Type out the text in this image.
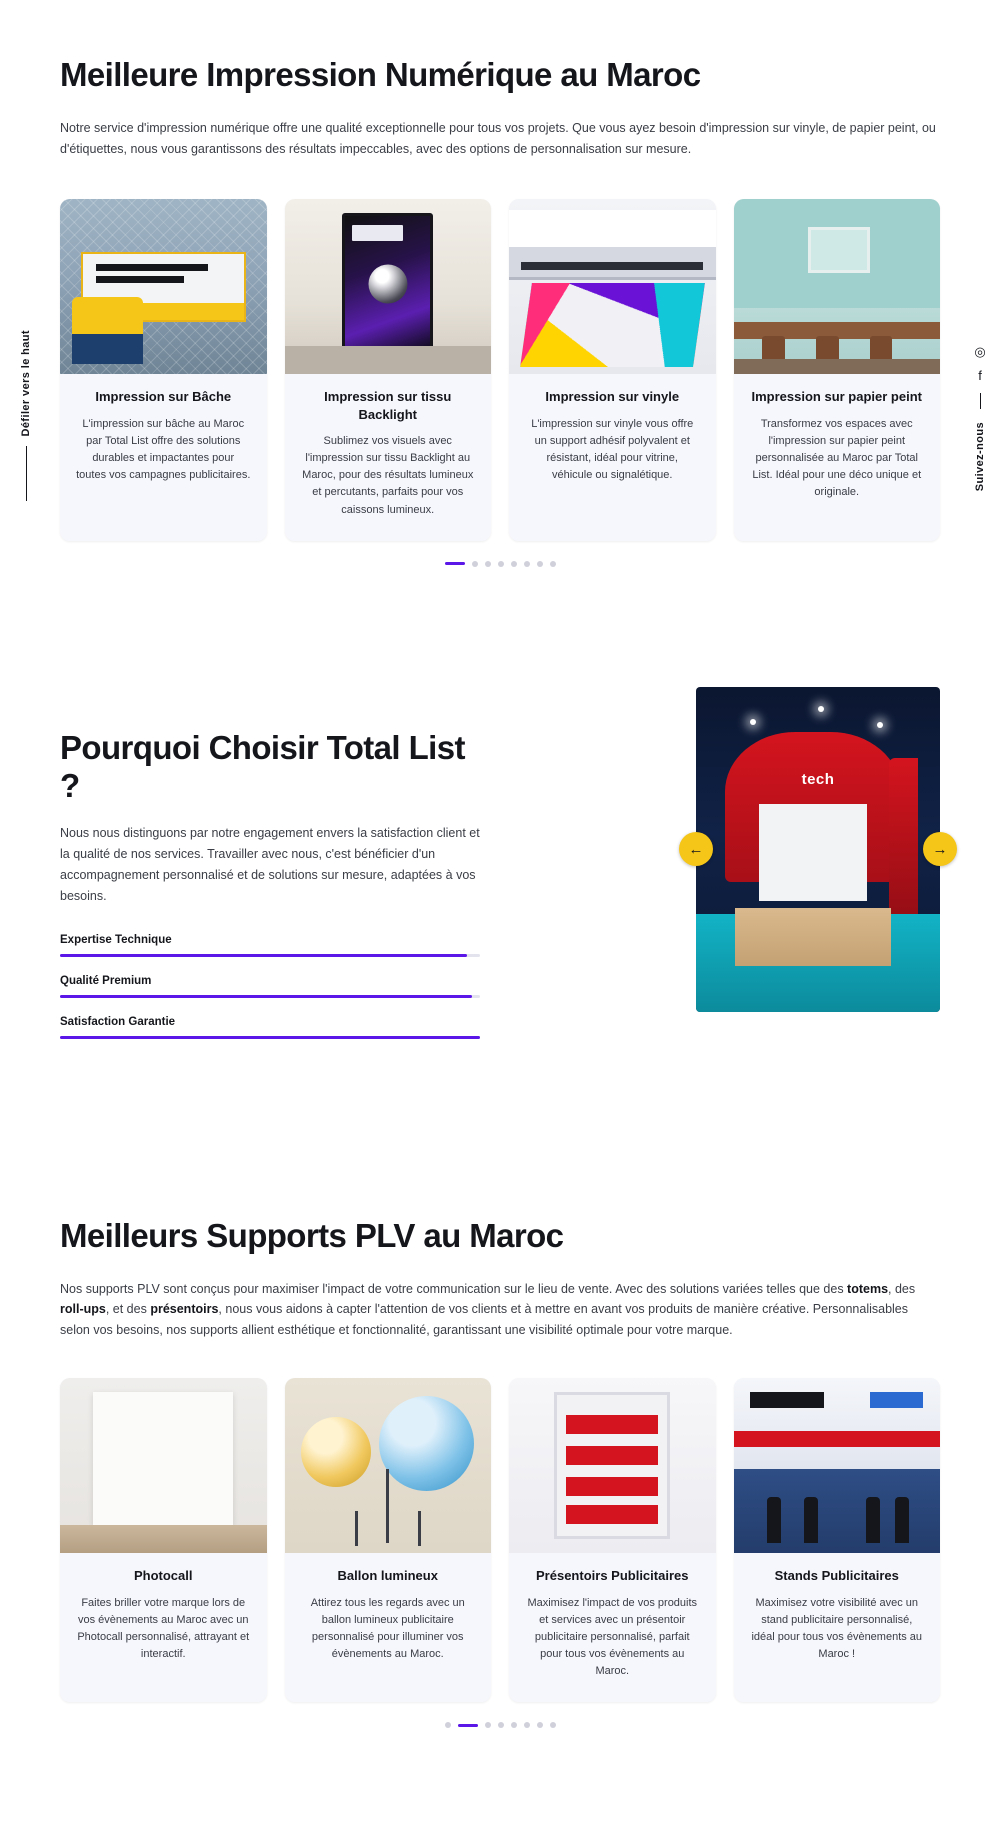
Défiler vers le haut	◎
f
Suivez-nous
Meilleure Impression Numérique au Maroc

Notre service d'impression numérique offre une qualité exceptionnelle pour tous vos projets. Que vous ayez besoin d'impression sur vinyle, de papier peint, ou d'étiquettes, nous vous garantissons des résultats impeccables, avec des options de personnalisation sur mesure.

Impression sur Bâche
L'impression sur bâche au Maroc par Total List offre des solutions durables et impactantes pour toutes vos campagnes publicitaires.
Impression sur tissu Backlight
Sublimez vos visuels avec l'impression sur tissu Backlight au Maroc, pour des résultats lumineux et percutants, parfaits pour vos caissons lumineux.
Impression sur vinyle
L'impression sur vinyle vous offre un support adhésif polyvalent et résistant, idéal pour vitrine, véhicule ou signalétique.
Impression sur papier peint
Transformez vos espaces avec l'impression sur papier peint personnalisée au Maroc par Total List. Idéal pour une déco unique et originale.
Pourquoi Choisir Total List ?

Nous nous distinguons par notre engagement envers la satisfaction client et la qualité de nos services. Travailler avec nous, c'est bénéficier d'un accompagnement personnalisé et de solutions sur mesure, adaptées à vos besoins.

Expertise Technique
Qualité Premium
Satisfaction Garantie
tech
←	→
Meilleurs Supports PLV au Maroc

Nos supports PLV sont conçus pour maximiser l'impact de votre communication sur le lieu de vente. Avec des solutions variées telles que des totems, des roll-ups, et des présentoirs, nous vous aidons à capter l'attention de vos clients et à mettre en avant vos produits de manière créative. Personnalisables selon vos besoins, nos supports allient esthétique et fonctionnalité, garantissant une visibilité optimale pour votre marque.

Photocall
Faites briller votre marque lors de vos évènements au Maroc avec un Photocall personnalisé, attrayant et interactif.
Ballon lumineux
Attirez tous les regards avec un ballon lumineux publicitaire personnalisé pour illuminer vos évènements au Maroc.
Présentoirs Publicitaires
Maximisez l'impact de vos produits et services avec un présentoir publicitaire personnalisé, parfait pour tous vos évènements au Maroc.
Stands Publicitaires
Maximisez votre visibilité avec un stand publicitaire personnalisé, idéal pour tous vos évènements au Maroc !
